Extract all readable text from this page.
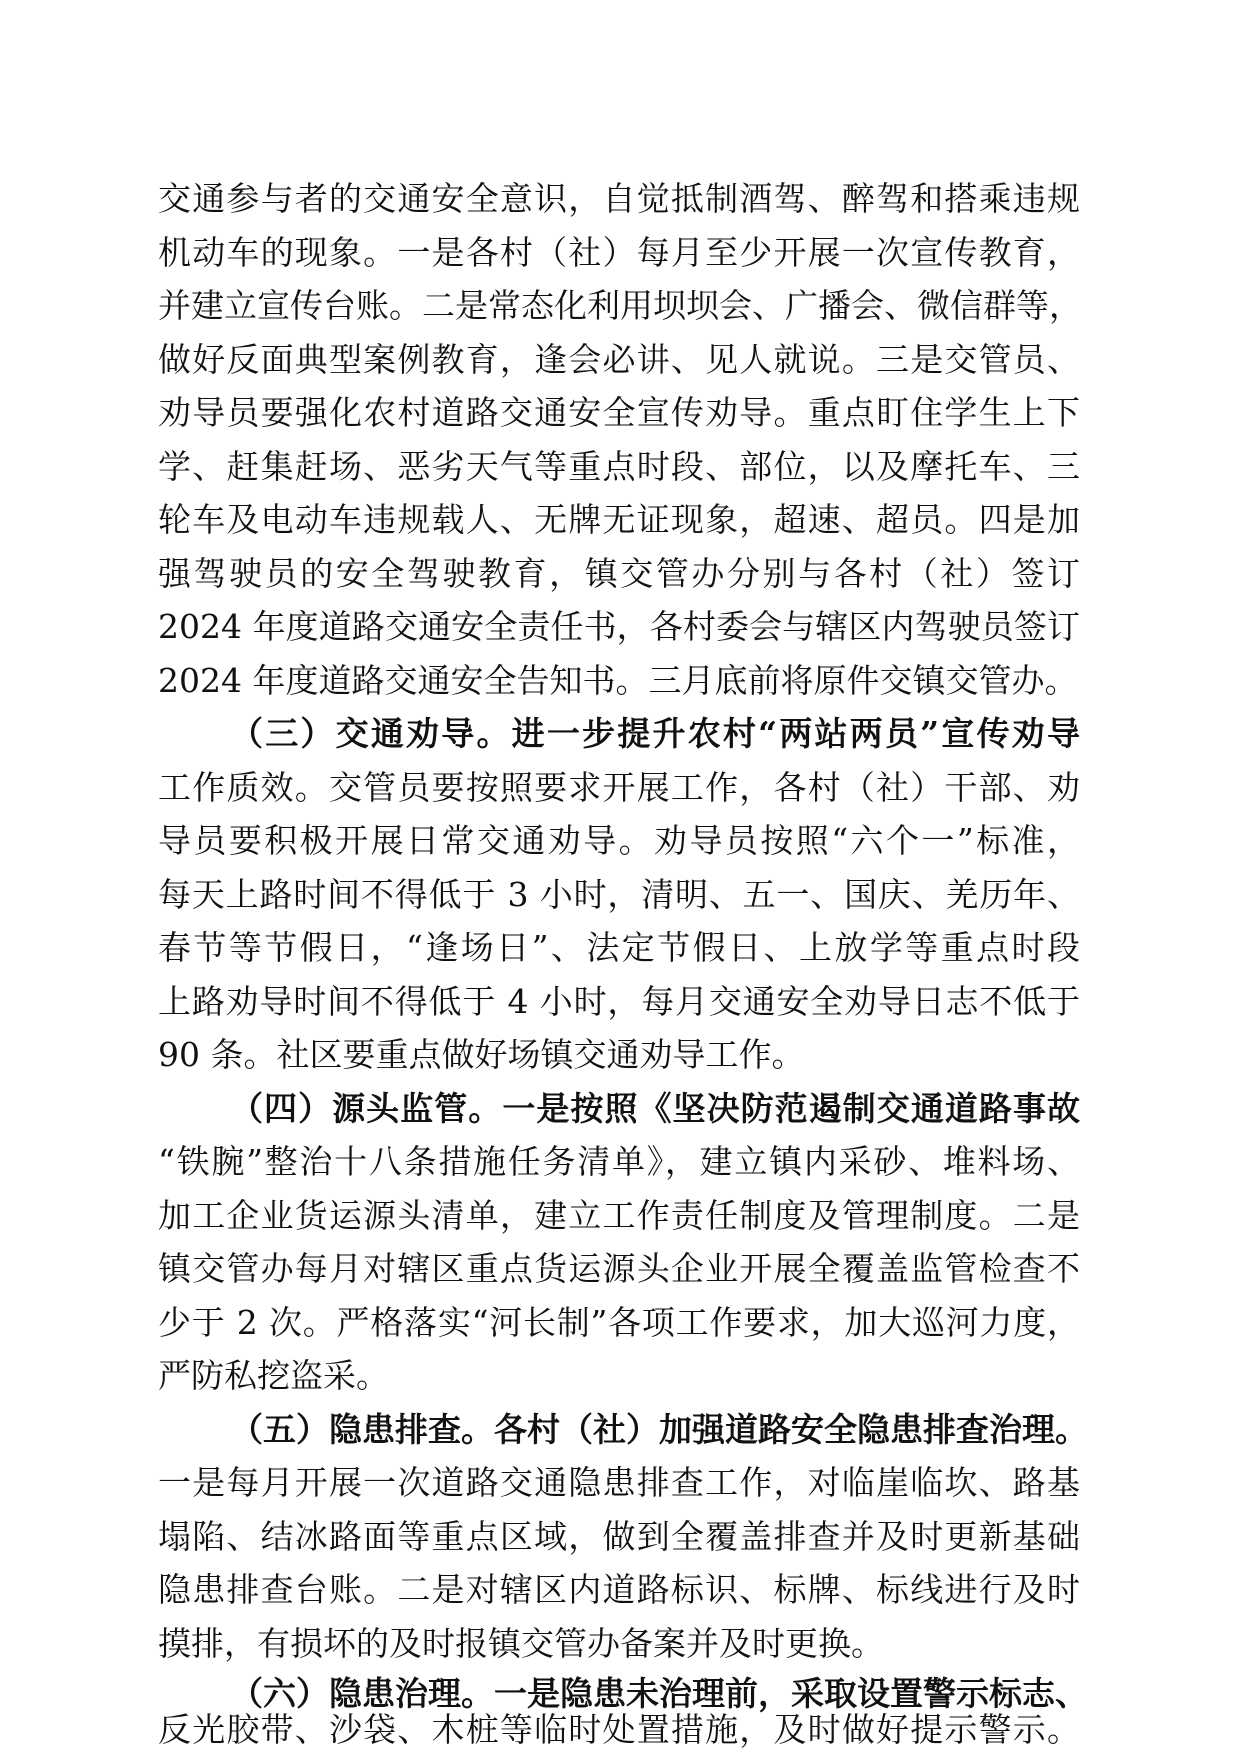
交通参与者的交通安全意识，自觉抵制酒驾、醉驾和搭乘违规
机动车的现象。一是各村（社）每月至少开展一次宣传教育，
并建立宣传台账。二是常态化利用坝坝会、广播会、微信群等，
做好反面典型案例教育，逢会必讲、见人就说。三是交管员、
劝导员要强化农村道路交通安全宣传劝导。重点盯住学生上下
学、赶集赶场、恶劣天气等重点时段、部位，以及摩托车、三
轮车及电动车违规载人、无牌无证现象，超速、超员。四是加
强驾驶员的安全驾驶教育，镇交管办分别与各村（社）签订
2024 年度道路交通安全责任书，各村委会与辖区内驾驶员签订
2024 年度道路交通安全告知书。三月底前将原件交镇交管办。
（三）交通劝导。进一步提升农村“两站两员”宣传劝导
工作质效。交管员要按照要求开展工作，各村（社）干部、劝
导员要积极开展日常交通劝导。劝导员按照“六个一”标准，
每天上路时间不得低于 3 小时，清明、五一、国庆、羌历年、
春节等节假日，“逢场日”、法定节假日、上放学等重点时段
上路劝导时间不得低于 4 小时，每月交通安全劝导日志不低于
90 条。社区要重点做好场镇交通劝导工作。
（四）源头监管。一是按照《坚决防范遏制交通道路事故
“铁腕”整治十八条措施任务清单》，建立镇内采砂、堆料场、
加工企业货运源头清单，建立工作责任制度及管理制度。二是
镇交管办每月对辖区重点货运源头企业开展全覆盖监管检查不
少于 2 次。严格落实“河长制”各项工作要求，加大巡河力度，
严防私挖盗采。
（五）隐患排查。各村（社）加强道路安全隐患排查治理。
一是每月开展一次道路交通隐患排查工作，对临崖临坎、路基
塌陷、结冰路面等重点区域，做到全覆盖排查并及时更新基础
隐患排查台账。二是对辖区内道路标识、标牌、标线进行及时
摸排，有损坏的及时报镇交管办备案并及时更换。
（六）隐患治理。一是隐患未治理前，采取设置警示标志、
反光胶带、沙袋、木桩等临时处置措施，及时做好提示警示。
